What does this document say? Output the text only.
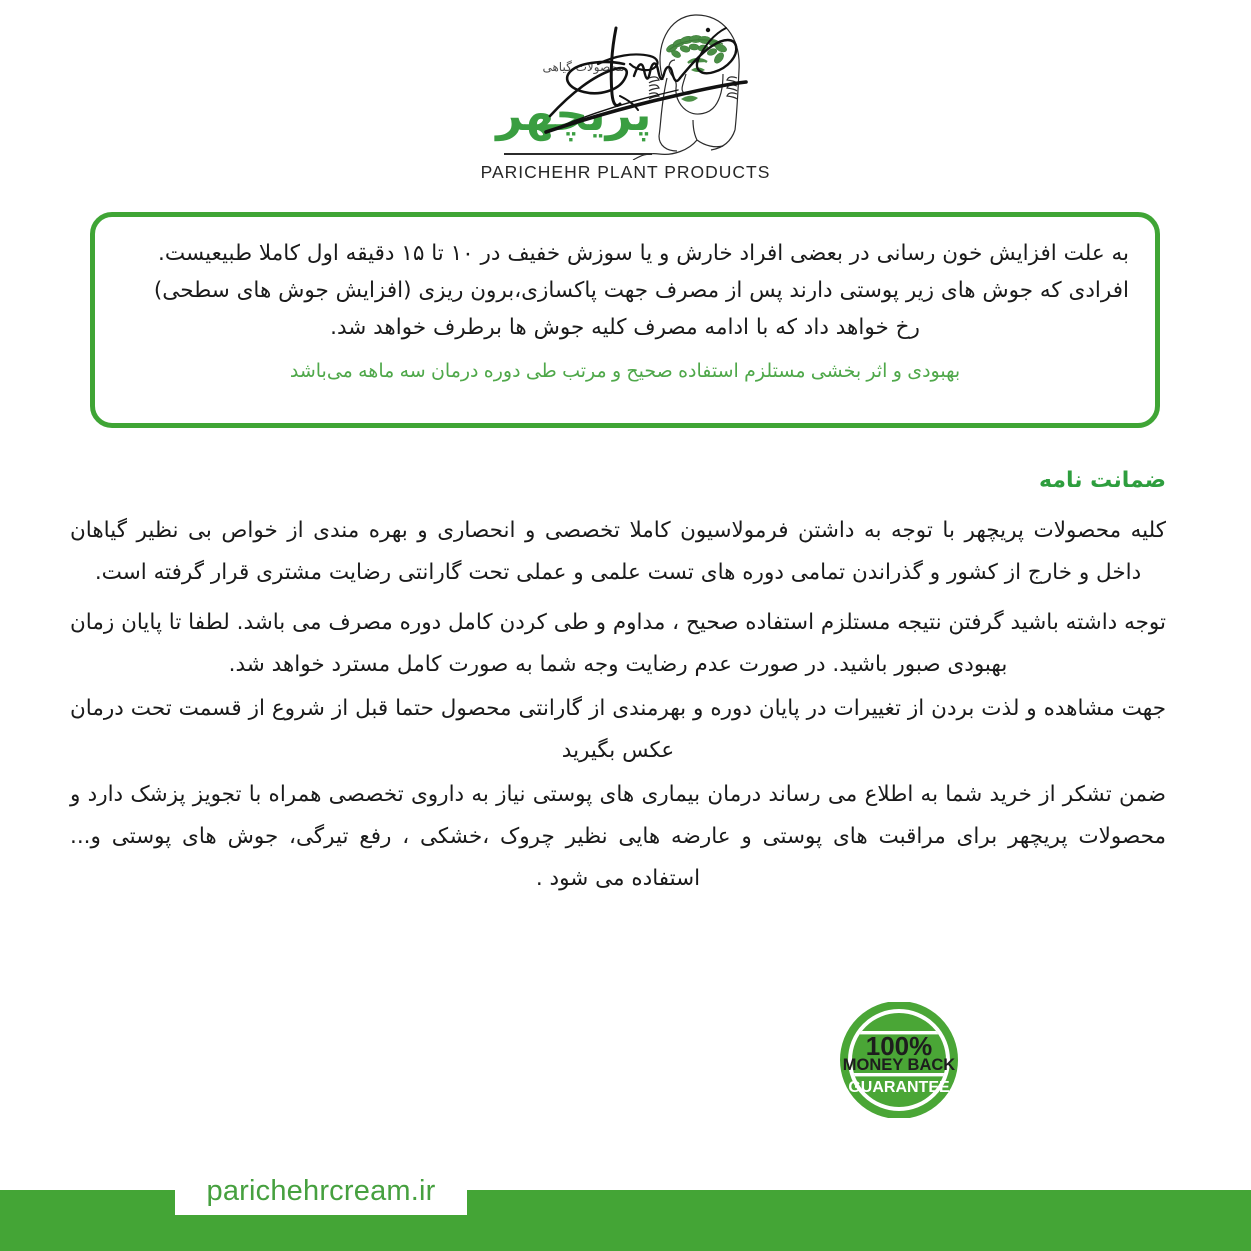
محصولات گیاهی
پریچهر
PARICHEHR PLANT PRODUCTS
به علت افزایش خون رسانی در بعضی افراد خارش و یا سوزش خفیف در ۱۰ تا ۱۵ دقیقه اول کاملا طبیعیست.
افرادی که جوش های زیر پوستی دارند پس از مصرف جهت پاکسازی،برون ریزی (افزایش جوش های سطحی)
رخ خواهد داد که با ادامه مصرف کلیه جوش ها برطرف خواهد شد.
بهبودی و اثر بخشی مستلزم استفاده صحیح و مرتب طی دوره درمان سه ماهه می‌باشد
ضمانت نامه

کلیه محصولات پریچهر با توجه به داشتن فرمولاسیون کاملا تخصصی و انحصاری و بهره مندی از خواص بی نظیر گیاهان داخل و خارج از کشور و گذراندن تمامی دوره های تست علمی و عملی تحت گارانتی رضایت مشتری قرار گرفته است.

توجه داشته باشید گرفتن نتیجه مستلزم استفاده صحیح ، مداوم و طی کردن کامل دوره مصرف می باشد. لطفا تا پایان زمان بهبودی صبور باشید. در صورت عدم رضایت وجه شما به صورت کامل مسترد خواهد شد.

جهت مشاهده و لذت بردن از تغییرات در پایان دوره و بهرمندی از گارانتی محصول حتما قبل از شروع از قسمت تحت درمان عکس بگیرید

ضمن تشکر از خرید شما به اطلاع می رساند درمان بیماری های پوستی نیاز به داروی تخصصی همراه با تجویز پزشک دارد و محصولات پریچهر برای مراقبت های پوستی و عارضه هایی نظیر چروک ،خشکی ، رفع تیرگی، جوش های پوستی و... استفاده می شود .

100%
MONEY BACK
GUARANTEE
parichehrcream.ir
